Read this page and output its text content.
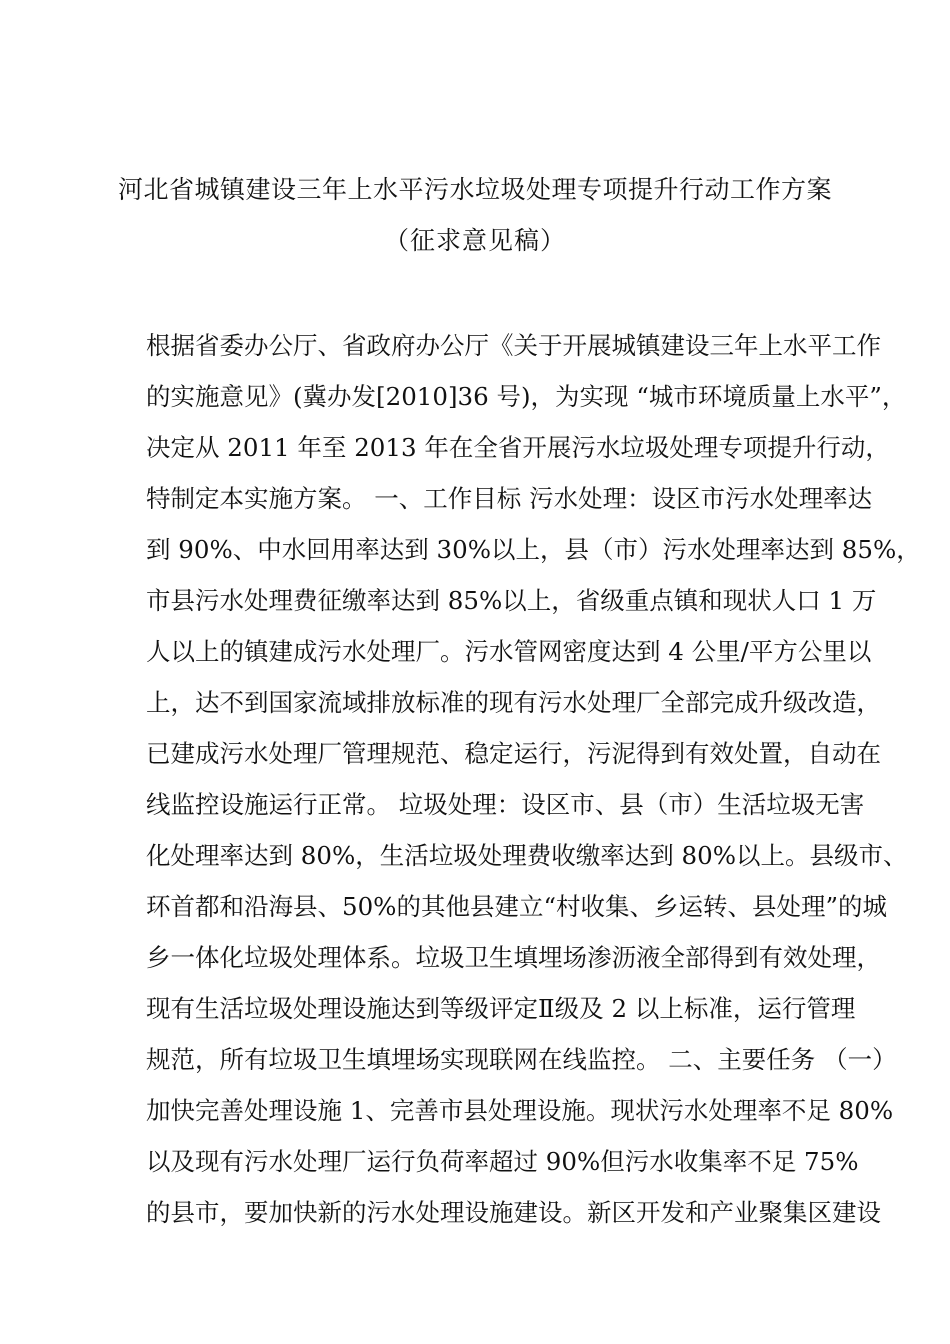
河北省城镇建设三年上水平污水垃圾处理专项提升行动工作方案
（征求意见稿）
根据省委办公厅、省政府办公厅《关于开展城镇建设三年上水平工作
的实施意见》(冀办发[2010]36 号)，为实现 “城市环境质量上水平”，
决定从 2011 年至 2013 年在全省开展污水垃圾处理专项提升行动，
特制定本实施方案。 一、工作目标 污水处理：设区市污水处理率达
到 90%、中水回用率达到 30%以上，县（市）污水处理率达到 85%，
市县污水处理费征缴率达到 85%以上，省级重点镇和现状人口 1 万
人以上的镇建成污水处理厂。污水管网密度达到 4 公里/平方公里以
上，达不到国家流域排放标准的现有污水处理厂全部完成升级改造，
已建成污水处理厂管理规范、稳定运行，污泥得到有效处置，自动在
线监控设施运行正常。 垃圾处理：设区市、县（市）生活垃圾无害
化处理率达到 80%，生活垃圾处理费收缴率达到 80%以上。县级市、
环首都和沿海县、50%的其他县建立“村收集、乡运转、县处理”的城
乡一体化垃圾处理体系。垃圾卫生填埋场渗沥液全部得到有效处理，
现有生活垃圾处理设施达到等级评定Ⅱ级及 2 以上标准，运行管理
规范，所有垃圾卫生填埋场实现联网在线监控。 二、主要任务 （一）
加快完善处理设施 1、完善市县处理设施。现状污水处理率不足 80%
以及现有污水处理厂运行负荷率超过 90%但污水收集率不足 75%
的县市，要加快新的污水处理设施建设。新区开发和产业聚集区建设
